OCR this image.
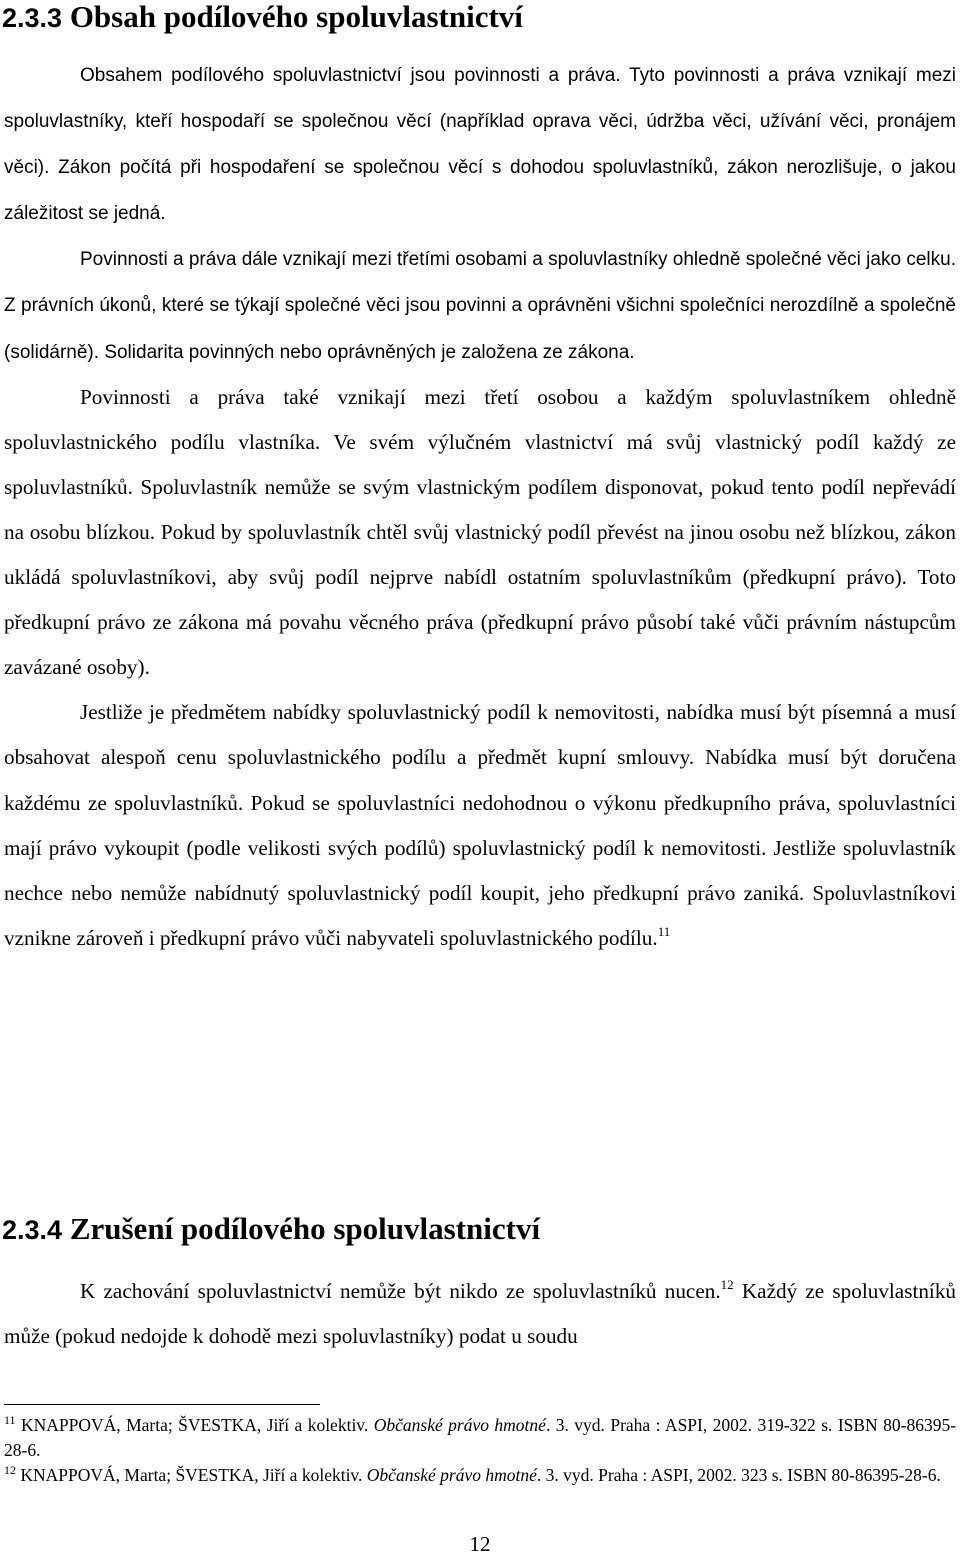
2.3.3 Obsah podílového spoluvlastnictví

Obsahem podílového spoluvlastnictví jsou povinnosti a práva. Tyto povinnosti a práva vznikají mezi spoluvlastníky, kteří hospodaří se společnou věcí (například oprava věci, údržba věci, užívání věci, pronájem věci). Zákon počítá při hospodaření se společnou věcí s dohodou spoluvlastníků, zákon nerozlišuje, o jakou záležitost se jedná.

Povinnosti a práva dále vznikají mezi třetími osobami a spoluvlastníky ohledně společné věci jako celku. Z právních úkonů, které se týkají společné věci jsou povinni a oprávněni všichni společníci nerozdílně a společně (solidárně). Solidarita povinných nebo oprávněných je založena ze zákona.

Povinnosti a práva také vznikají mezi třetí osobou a každým spoluvlastníkem ohledně spoluvlastnického podílu vlastníka. Ve svém výlučném vlastnictví má svůj vlastnický podíl každý ze spoluvlastníků. Spoluvlastník nemůže se svým vlastnickým podílem disponovat, pokud tento podíl nepřevádí na osobu blízkou. Pokud by spoluvlastník chtěl svůj vlastnický podíl převést na jinou osobu než blízkou, zákon ukládá spoluvlastníkovi, aby svůj podíl nejprve nabídl ostatním spoluvlastníkům (předkupní právo). Toto předkupní právo ze zákona má povahu věcného práva (předkupní právo působí také vůči právním nástupcům zavázané osoby).

Jestliže je předmětem nabídky spoluvlastnický podíl k nemovitosti, nabídka musí být písemná a musí obsahovat alespoň cenu spoluvlastnického podílu a předmět kupní smlouvy. Nabídka musí být doručena každému ze spoluvlastníků. Pokud se spoluvlastníci nedohodnou o výkonu předkupního práva, spoluvlastníci mají právo vykoupit (podle velikosti svých podílů) spoluvlastnický podíl k nemovitosti. Jestliže spoluvlastník nechce nebo nemůže nabídnutý spoluvlastnický podíl koupit, jeho předkupní právo zaniká. Spoluvlastníkovi vznikne zároveň i předkupní právo vůči nabyvateli spoluvlastnického podílu.$^{11}$

2.3.4 Zrušení podílového spoluvlastnictví

K zachování spoluvlastnictví nemůže být nikdo ze spoluvlastníků nucen.$^{12}$ Každý ze spoluvlastníků může (pokud nedojde k dohodě mezi spoluvlastníky) podat u soudu

$^{11}$ KNAPPOVÁ, Marta; ŠVESTKA, Jiří a kolektiv. Občanské právo hmotné. 3. vyd. Praha : ASPI, 2002. 319-322 s. ISBN 80-86395-28-6.

$^{12}$ KNAPPOVÁ, Marta; ŠVESTKA, Jiří a kolektiv. Občanské právo hmotné. 3. vyd. Praha : ASPI, 2002. 323 s. ISBN 80-86395-28-6.

12
